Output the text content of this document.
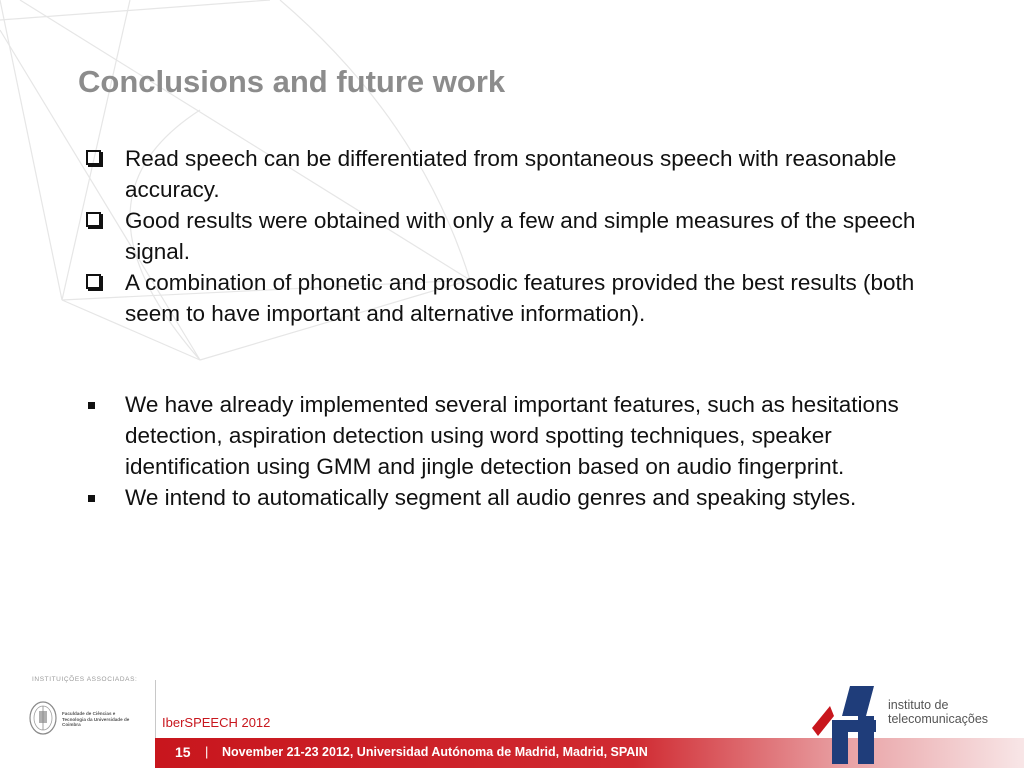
Conclusions and future work
Read speech can be differentiated from spontaneous speech with reasonable accuracy.
Good results were obtained with only a few and simple measures of the speech signal.
A combination of phonetic and prosodic features provided the best results (both seem to have important and alternative information).
We have already implemented several important features, such as hesitations detection, aspiration detection using word spotting techniques, speaker identification using GMM and jingle detection based on audio fingerprint.
We intend to automatically segment all audio genres and speaking styles.
INSTITUIÇÕES ASSOCIADAS:
Faculdade de Ciências e Tecnologia da Universidade de Coimbra	IberSPEECH 2012
15 | November 21-23 2012, Universidad Autónoma de Madrid, Madrid, SPAIN
instituto de
telecomunicações
